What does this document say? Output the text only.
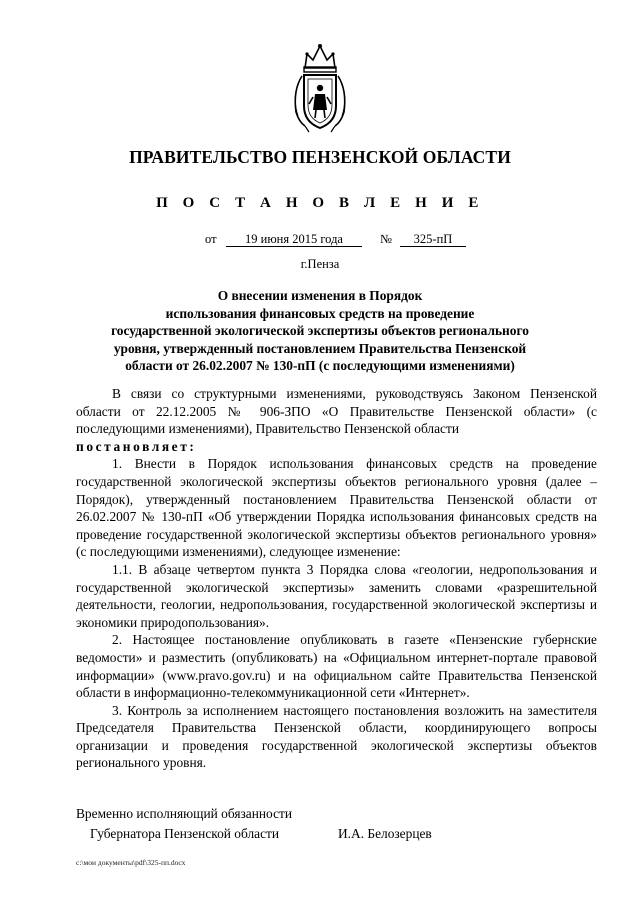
ПРАВИТЕЛЬСТВО ПЕНЗЕНСКОЙ ОБЛАСТИ
П О С Т А Н О В Л Е Н И Е
от	19 июня 2015 года	№	325-пП
г.Пенза
О внесении изменения в Порядок
использования финансовых средств на проведение
государственной экологической экспертизы объектов регионального
уровня, утвержденный постановлением Правительства Пензенской
области от 26.02.2007 № 130-пП (с последующими изменениями)

В связи со структурными изменениями, руководствуясь Законом Пензенской области от 22.12.2005 № 906-ЗПО «О Правительстве Пензенской области» (с последующими изменениями), Правительство Пензенской области

постановляет:

1. Внести в Порядок использования финансовых средств на проведение государственной экологической экспертизы объектов регионального уровня (далее – Порядок), утвержденный постановлением Правительства Пензенской области от 26.02.2007 № 130-пП «Об утверждении Порядка использования финансовых средств на проведение государственной экологической экспертизы объектов регионального уровня» (с последующими изменениями), следующее изменение:

1.1. В абзаце четвертом пункта 3 Порядка слова «геологии, недропользования и государственной экологической экспертизы» заменить словами «разрешительной деятельности, геологии, недропользования, государственной экологической экспертизы и экономики природопользования».

2. Настоящее постановление опубликовать в газете «Пензенские губернские ведомости» и разместить (опубликовать) на «Официальном интернет-портале правовой информации» (www.pravo.gov.ru) и на официальном сайте Правительства Пензенской области в информационно-телекоммуникационной сети «Интернет».

3. Контроль за исполнением настоящего постановления возложить на заместителя Председателя Правительства Пензенской области, координирующего вопросы организации и проведения государственной экологической экспертизы объектов регионального уровня.

Временно исполняющий обязанности
Губернатора Пензенской области	И.А. Белозерцев
c:\мои документы\pdf\325-пп.docx
